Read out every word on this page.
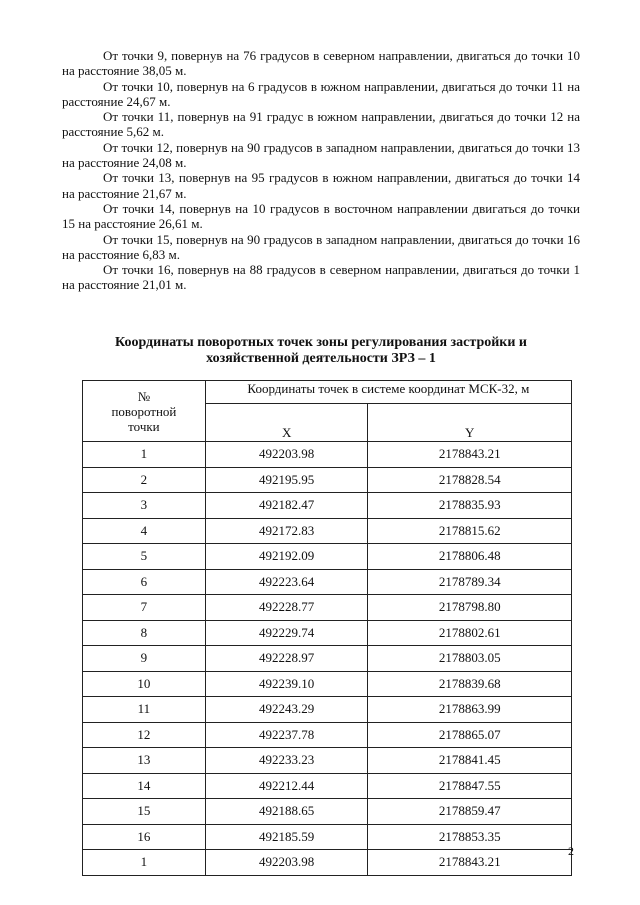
От точки 9, повернув на 76 градусов в северном направлении, двигаться до точки 10 на расстояние 38,05 м.

От точки 10, повернув на 6 градусов в южном направлении, двигаться до точки 11 на расстояние 24,67 м.

От точки 11, повернув на 91 градус в южном направлении, двигаться до точки 12 на расстояние 5,62 м.

От точки 12, повернув на 90 градусов в западном направлении, двигаться до точки 13 на расстояние 24,08 м.

От точки 13, повернув на 95 градусов в южном направлении, двигаться до точки 14 на расстояние 21,67 м.

От точки 14, повернув на 10 градусов в восточном направлении двигаться до точки 15 на расстояние 26,61 м.

От точки 15, повернув на 90 градусов в западном направлении, двигаться до точки 16 на расстояние 6,83 м.

От точки 16, повернув на 88 градусов в северном направлении, двигаться до точки 1 на расстояние 21,01 м.

Координаты поворотных точек зоны регулирования застройки и
хозяйственной деятельности ЗРЗ – 1
№
поворотной
точки	Координаты точек в системе координат МСК-32, м	
	X	Y
1	492203.98	2178843.21
2	492195.95	2178828.54
3	492182.47	2178835.93
4	492172.83	2178815.62
5	492192.09	2178806.48
6	492223.64	2178789.34
7	492228.77	2178798.80
8	492229.74	2178802.61
9	492228.97	2178803.05
10	492239.10	2178839.68
11	492243.29	2178863.99
12	492237.78	2178865.07
13	492233.23	2178841.45
14	492212.44	2178847.55
15	492188.65	2178859.47
16	492185.59	2178853.35
1	492203.98	2178843.21
2
